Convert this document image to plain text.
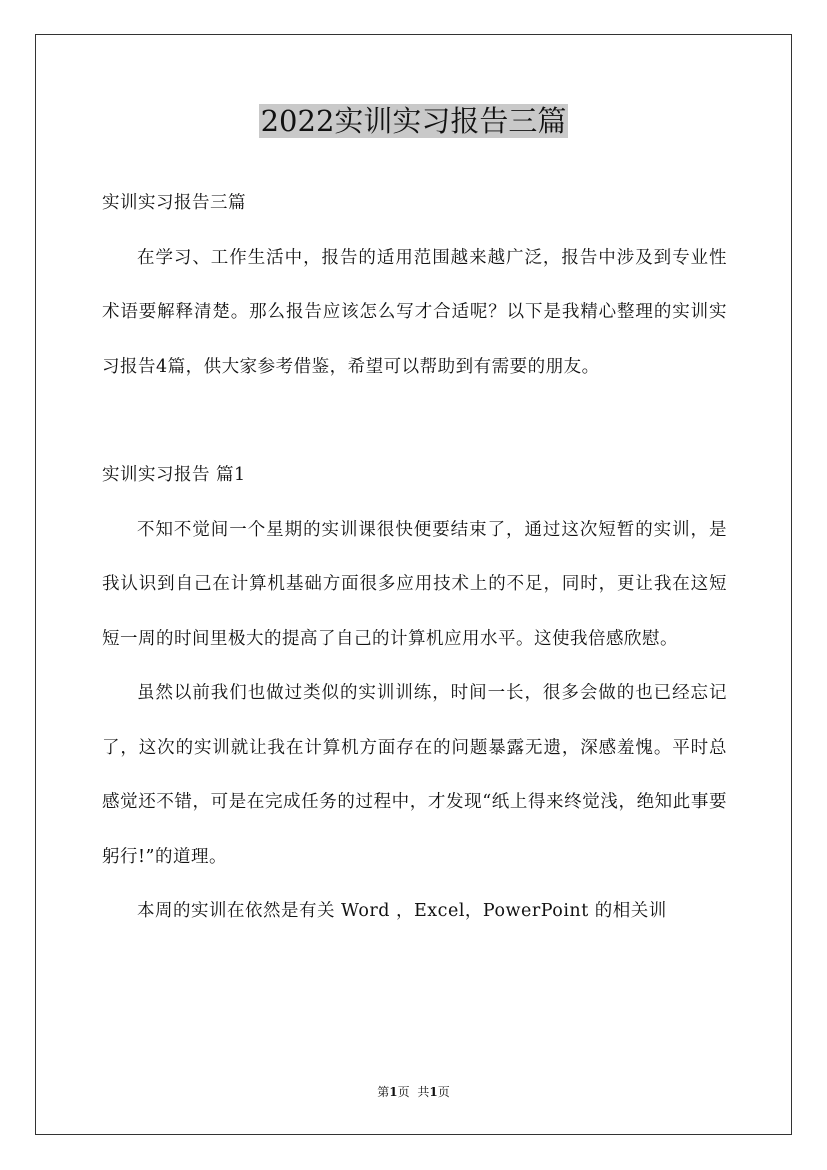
2022实训实习报告三篇

实训实习报告三篇

在学习、工作生活中，报告的适用范围越来越广泛，报告中涉及到专业性术语要解释清楚。那么报告应该怎么写才合适呢？以下是我精心整理的实训实习报告4篇，供大家参考借鉴，希望可以帮助到有需要的朋友。

实训实习报告 篇1

不知不觉间一个星期的实训课很快便要结束了，通过这次短暂的实训，是我认识到自己在计算机基础方面很多应用技术上的不足，同时，更让我在这短短一周的时间里极大的提高了自己的计算机应用水平。这使我倍感欣慰。

虽然以前我们也做过类似的实训训练，时间一长，很多会做的也已经忘记了，这次的实训就让我在计算机方面存在的问题暴露无遗，深感羞愧。平时总感觉还不错，可是在完成任务的过程中，才发现“纸上得来终觉浅，绝知此事要躬行!”的道理。

本周的实训在依然是有关 Word ，Excel，PowerPoint 的相关训

第1页 共1页
